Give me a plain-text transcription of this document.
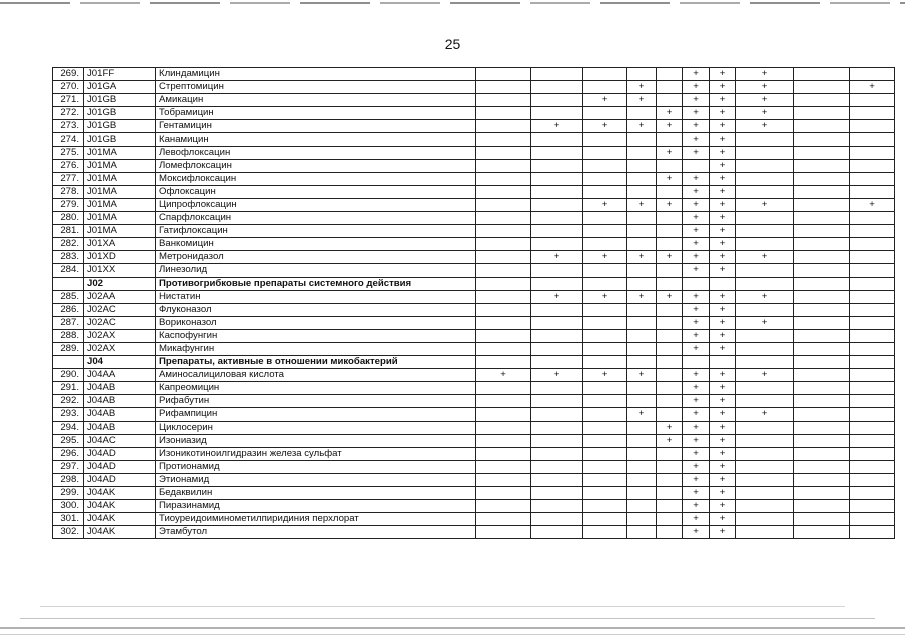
25
269.	J01FF	Клиндамицин						+	+	+		
270.	J01GA	Стрептомицин				+		+	+	+		+
271.	J01GB	Амикацин			+	+		+	+	+		
272.	J01GB	Тобрамицин					+	+	+	+		
273.	J01GB	Гентамицин		+	+	+	+	+	+	+		
274.	J01GB	Канамицин						+	+			
275.	J01MA	Левофлоксацин					+	+	+			
276.	J01MA	Ломефлоксацин							+			
277.	J01MA	Моксифлоксацин					+	+	+			
278.	J01MA	Офлоксацин						+	+			
279.	J01MA	Ципрофлоксацин			+	+	+	+	+	+		+
280.	J01MA	Спарфлоксацин						+	+			
281.	J01MA	Гатифлоксацин						+	+			
282.	J01XA	Ванкомицин						+	+			
283.	J01XD	Метронидазол		+	+	+	+	+	+	+		
284.	J01XX	Линезолид						+	+			
	J02	Противогрибковые препараты системного действия										
285.	J02AA	Нистатин		+	+	+	+	+	+	+		
286.	J02AC	Флуконазол						+	+			
287.	J02AC	Вориконазол						+	+	+		
288.	J02AX	Каспофунгин						+	+			
289.	J02AX	Микафунгин						+	+			
	J04	Препараты, активные в отношении микобактерий										
290.	J04AA	Аминосалициловая кислота	+	+	+	+		+	+	+		
291.	J04AB	Капреомицин						+	+			
292.	J04AB	Рифабутин						+	+			
293.	J04AB	Рифампицин				+		+	+	+		
294.	J04AB	Циклосерин					+	+	+			
295.	J04AC	Изониазид					+	+	+			
296.	J04AD	Изоникотиноилгидразин железа сульфат						+	+			
297.	J04AD	Протионамид						+	+			
298.	J04AD	Этионамид						+	+			
299.	J04AK	Бедаквилин						+	+			
300.	J04AK	Пиразинамид						+	+			
301.	J04AK	Тиоуреидоиминометилпиридиния перхлорат						+	+			
302.	J04AK	Этамбутол						+	+			
